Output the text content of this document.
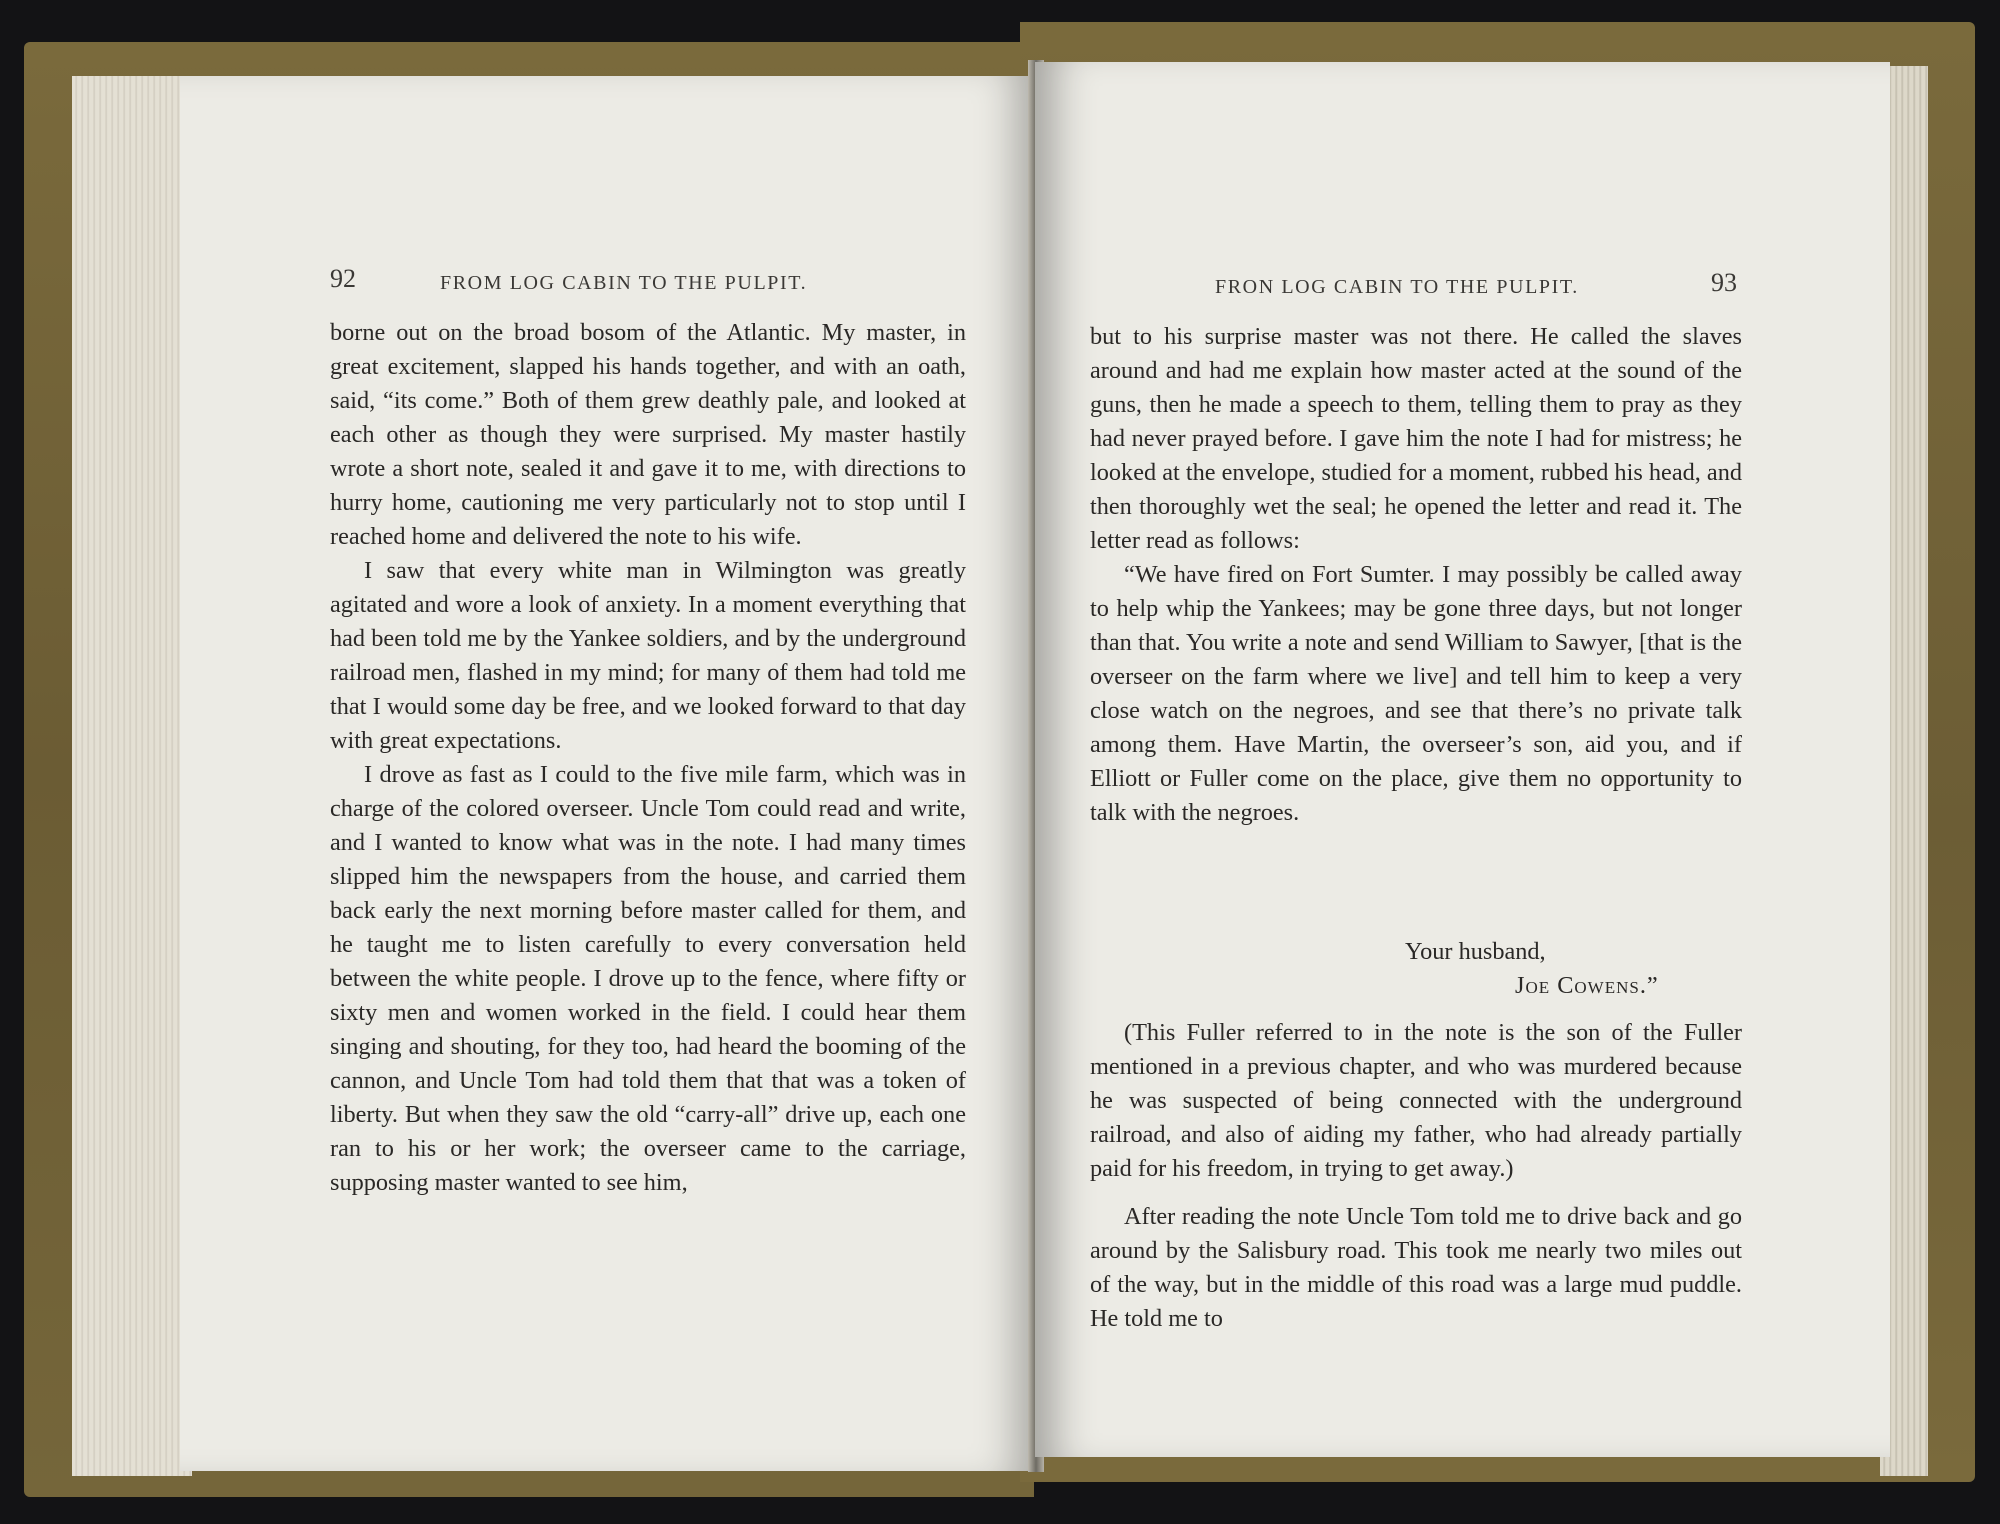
92	FROM LOG CABIN TO THE PULPIT.

borne out on the broad bosom of the Atlantic. My master, in great excitement, slapped his hands together, and with an oath, said, “its come.” Both of them grew deathly pale, and looked at each other as though they were surprised. My master hastily wrote a short note, sealed it and gave it to me, with directions to hurry home, cautioning me very particularly not to stop until I reached home and delivered the note to his wife.

I saw that every white man in Wilmington was greatly agitated and wore a look of anxiety. In a moment everything that had been told me by the Yankee soldiers, and by the underground railroad men, flashed in my mind; for many of them had told me that I would some day be free, and we looked forward to that day with great expectations.

I drove as fast as I could to the five mile farm, which was in charge of the colored overseer. Uncle Tom could read and write, and I wanted to know what was in the note. I had many times slipped him the newspapers from the house, and carried them back early the next morning before master called for them, and he taught me to listen carefully to every conversation held between the white people. I drove up to the fence, where fifty or sixty men and women worked in the field. I could hear them singing and shouting, for they too, had heard the booming of the cannon, and Uncle Tom had told them that that was a token of liberty. But when they saw the old “carry-all” drive up, each one ran to his or her work; the overseer came to the carriage, supposing master wanted to see him,

FRON LOG CABIN TO THE PULPIT.	93

but to his surprise master was not there. He called the slaves around and had me explain how master acted at the sound of the guns, then he made a speech to them, telling them to pray as they had never prayed before. I gave him the note I had for mistress; he looked at the envelope, studied for a moment, rubbed his head, and then thoroughly wet the seal; he opened the letter and read it. The letter read as follows:

“We have fired on Fort Sumter. I may possibly be called away to help whip the Yankees; may be gone three days, but not longer than that. You write a note and send William to Sawyer, [that is the overseer on the farm where we live] and tell him to keep a very close watch on the negroes, and see that there’s no private talk among them. Have Martin, the overseer’s son, aid you, and if Elliott or Fuller come on the place, give them no opportunity to talk with the negroes.

Your husband,
Joe Cowens.”

(This Fuller referred to in the note is the son of the Fuller mentioned in a previous chapter, and who was murdered because he was suspected of being connected with the underground railroad, and also of aiding my father, who had already partially paid for his freedom, in trying to get away.)

After reading the note Uncle Tom told me to drive back and go around by the Salisbury road. This took me nearly two miles out of the way, but in the middle of this road was a large mud puddle. He told me to
